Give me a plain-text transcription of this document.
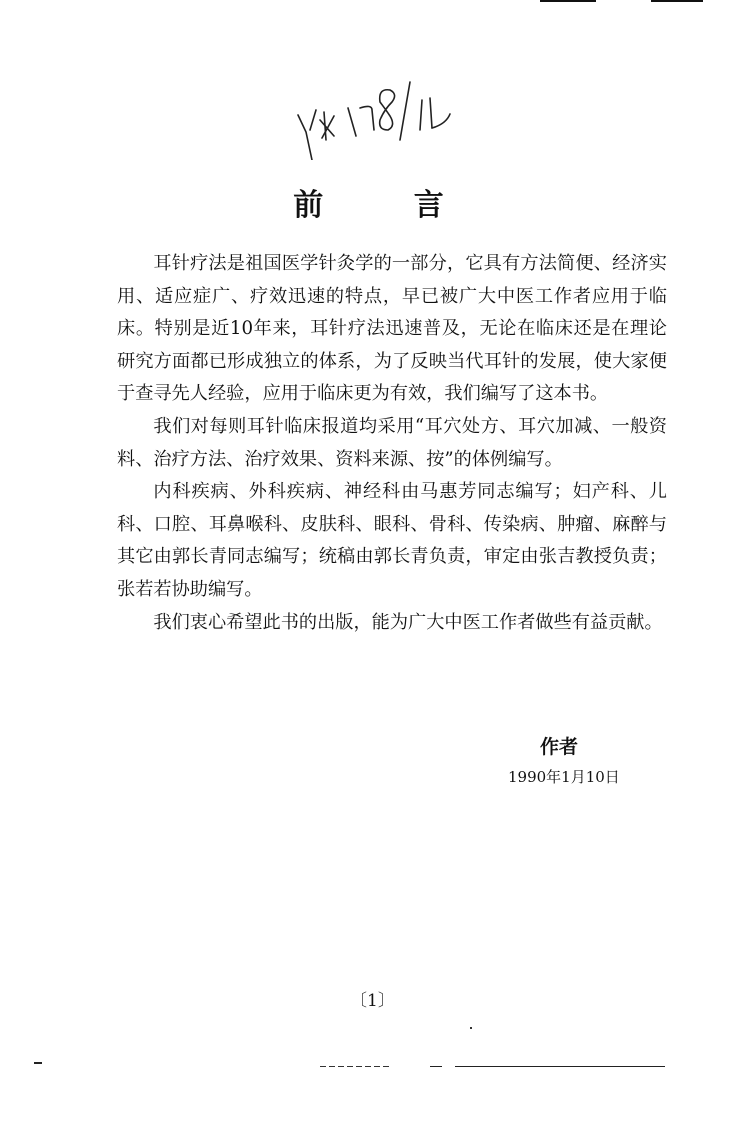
前 言

耳针疗法是祖国医学针灸学的一部分，它具有方法简便、经济实用、适应症广、疗效迅速的特点，早已被广大中医工作者应用于临床。特别是近10年来，耳针疗法迅速普及，无论在临床还是在理论研究方面都已形成独立的体系，为了反映当代耳针的发展，使大家便于查寻先人经验，应用于临床更为有效，我们编写了这本书。

我们对每则耳针临床报道均采用“耳穴处方、耳穴加减、一般资料、治疗方法、治疗效果、资料来源、按”的体例编写。

内科疾病、外科疾病、神经科由马惠芳同志编写；妇产科、儿科、口腔、耳鼻喉科、皮肤科、眼科、骨科、传染病、肿瘤、麻醉与其它由郭长青同志编写；统稿由郭长青负责，审定由张吉教授负责；张若若协助编写。

我们衷心希望此书的出版，能为广大中医工作者做些有益贡献。

作者
1990年1月10日
〔1〕
